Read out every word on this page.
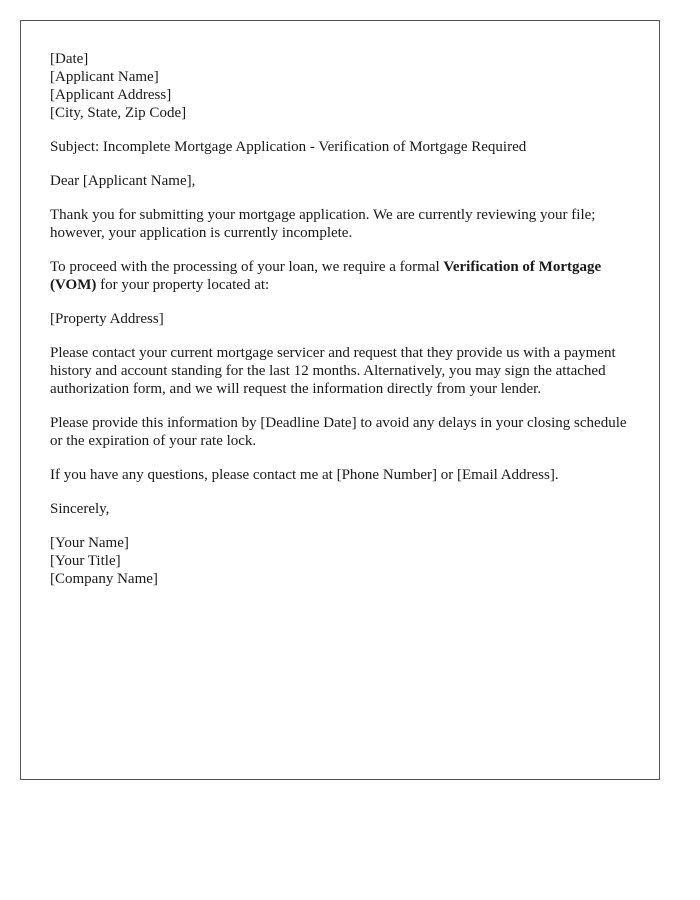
[Date]
[Applicant Name]
[Applicant Address]
[City, State, Zip Code]

Subject: Incomplete Mortgage Application - Verification of Mortgage Required

Dear [Applicant Name],

Thank you for submitting your mortgage application. We are currently reviewing your file; however, your application is currently incomplete.

To proceed with the processing of your loan, we require a formal Verification of Mortgage (VOM) for your property located at:

[Property Address]

Please contact your current mortgage servicer and request that they provide us with a payment history and account standing for the last 12 months. Alternatively, you may sign the attached authorization form, and we will request the information directly from your lender.

Please provide this information by [Deadline Date] to avoid any delays in your closing schedule or the expiration of your rate lock.

If you have any questions, please contact me at [Phone Number] or [Email Address].

Sincerely,

[Your Name]
[Your Title]
[Company Name]
